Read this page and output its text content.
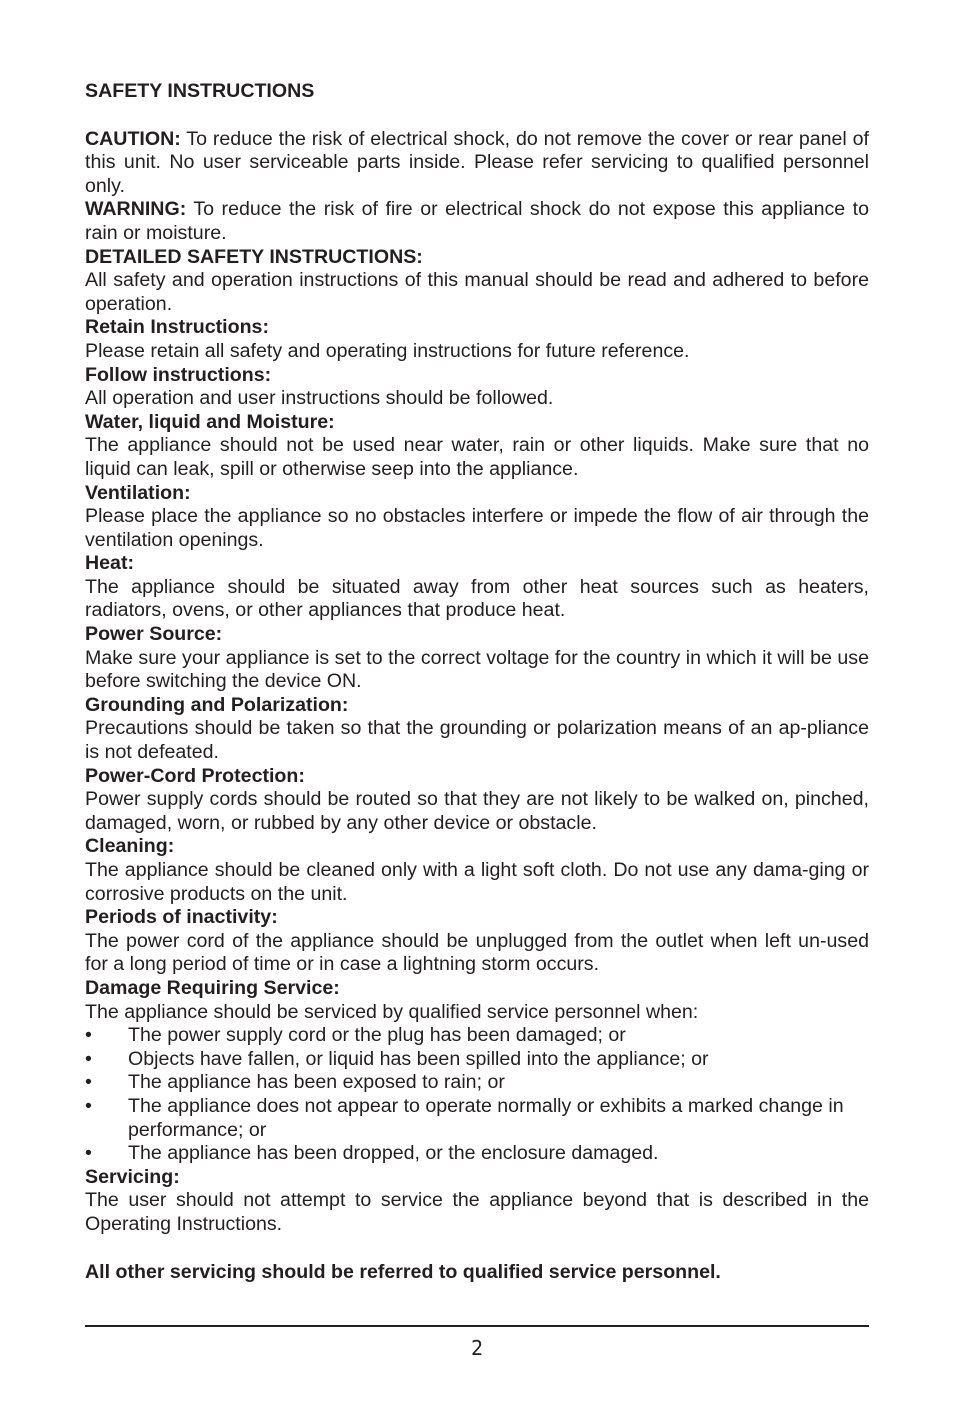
SAFETY INSTRUCTIONS

CAUTION: To reduce the risk of electrical shock, do not remove the cover or rear panel of this unit. No user serviceable parts inside. Please refer servicing to qualified personnel only.

WARNING: To reduce the risk of fire or electrical shock do not expose this appliance to rain or moisture.

DETAILED SAFETY INSTRUCTIONS:

All safety and operation instructions of this manual should be read and adhered to before operation.

Retain Instructions:

Please retain all safety and operating instructions for future reference.

Follow instructions:

All operation and user instructions should be followed.

Water, liquid and Moisture:

The appliance should not be used near water, rain or other liquids. Make sure that no liquid can leak, spill or otherwise seep into the appliance.

Ventilation:

Please place the appliance so no obstacles interfere or impede the flow of air through the ventilation openings.

Heat:

The appliance should be situated away from other heat sources such as heaters, radiators, ovens, or other appliances that produce heat.

Power Source:

Make sure your appliance is set to the correct voltage for the country in which it will be use before switching the device ON.

Grounding and Polarization:

Precautions should be taken so that the grounding or polarization means of an ap-pliance is not defeated.

Power-Cord Protection:

Power supply cords should be routed so that they are not likely to be walked on, pinched, damaged, worn, or rubbed by any other device or obstacle.

Cleaning:

The appliance should be cleaned only with a light soft cloth. Do not use any dama-ging or corrosive products on the unit.

Periods of inactivity:

The power cord of the appliance should be unplugged from the outlet when left un-used for a long period of time or in case a lightning storm occurs.

Damage Requiring Service:

The appliance should be serviced by qualified service personnel when:

• The power supply cord or the plug has been damaged; or
• Objects have fallen, or liquid has been spilled into the appliance; or
• The appliance has been exposed to rain; or
• The appliance does not appear to operate normally or exhibits a marked change in performance; or
• The appliance has been dropped, or the enclosure damaged.

Servicing:

The user should not attempt to service the appliance beyond that is described in the Operating Instructions.

All other servicing should be referred to qualified service personnel.

2
